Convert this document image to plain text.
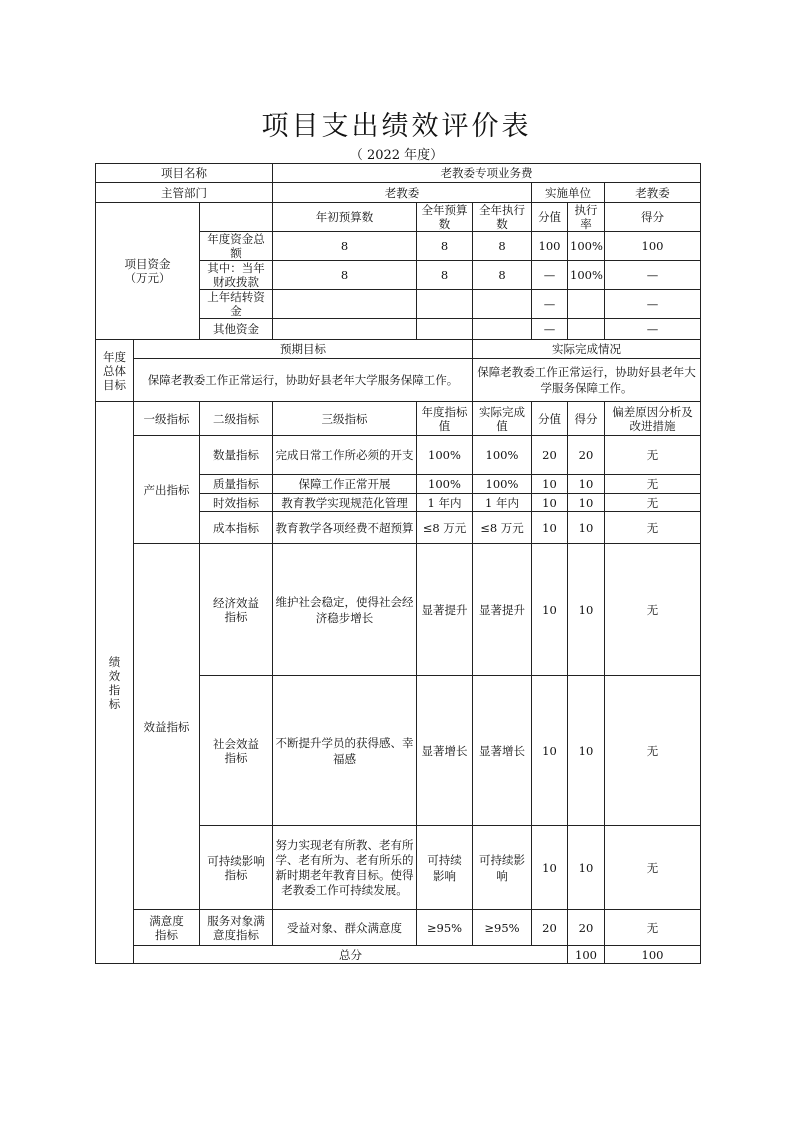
项目支出绩效评价表
（ 2022 年度）
项目名称			老教委专项业务费						
主管部门			老教委			实施单位		老教委	
项目资金
（万元）			年初预算数	全年预算数	全年执行数	分值	执行率	得分	
		年度资金总额	8	8	8	100	100%	100	
		其中：当年财政拨款	8	8	8	—	100%	—	
		上年结转资金				—		—	
		其他资金				—		—	
年度总体目标	预期目标				实际完成情况				
	保障老教委工作正常运行，协助好县老年大学服务保障工作。				保障老教委工作正常运行，协助好县老年大学服务保障工作。				
绩效指标	一级指标	二级指标	三级指标	年度指标值	实际完成值	分值	得分	偏差原因分析及改进措施	
	产出指标	数量指标	完成日常工作所必须的开支	100%	100%	20	20	无	
		质量指标	保障工作正常开展	100%	100%	10	10	无	
		时效指标	教育教学实现规范化管理	1 年内	1 年内	10	10	无	
		成本指标	教育教学各项经费不超预算	≤8 万元	≤8 万元	10	10	无	
	效益指标	经济效益指标	维护社会稳定，使得社会经济稳步增长	显著提升	显著提升	10	10	无	
		社会效益指标	不断提升学员的获得感、幸福感	显著增长	显著增长	10	10	无	
		可持续影响指标	努力实现老有所教、老有所学、老有所为、老有所乐的新时期老年教育目标。使得老教委工作可持续发展。	可持续影响	可持续影响	10	10	无	
	满意度指标	服务对象满意度指标	受益对象、群众满意度	≥95%	≥95%	20	20	无	
	总分						100	100	
